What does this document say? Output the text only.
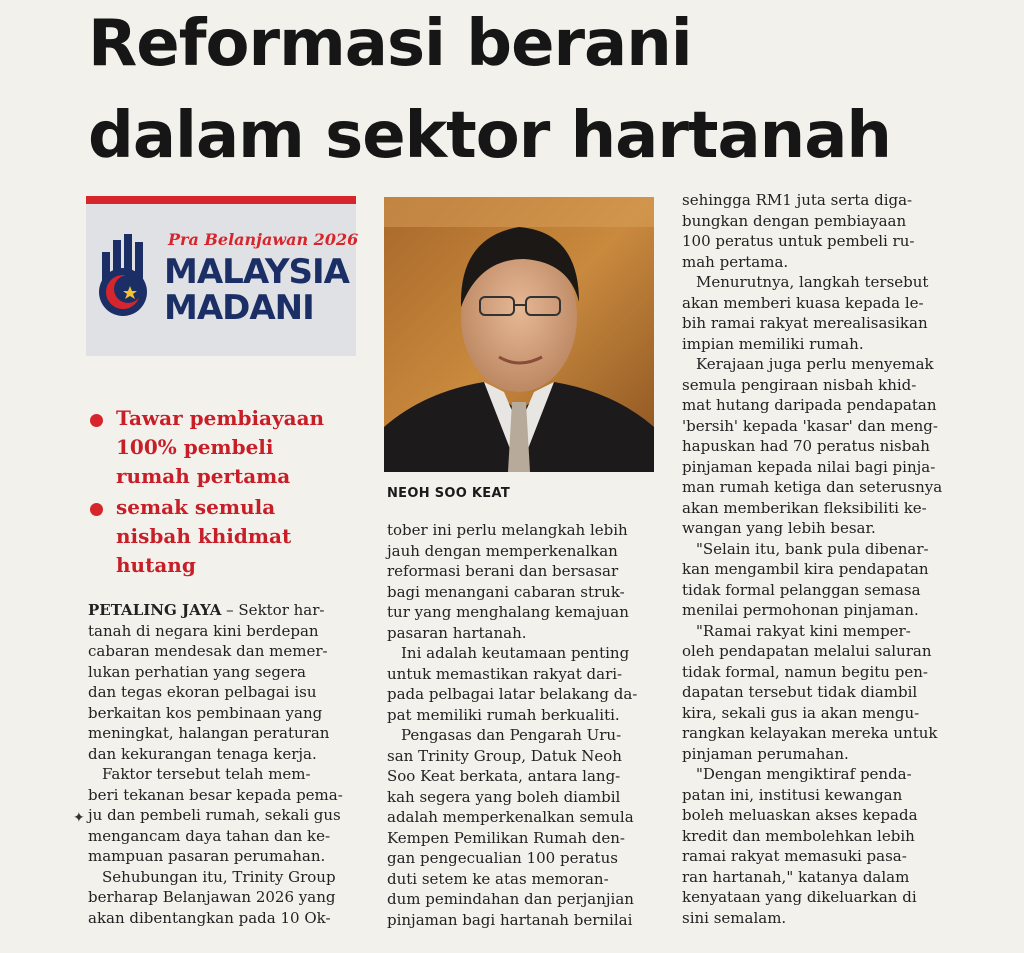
Reformasi berani
dalam sektor hartanah
Pra Belanjawan 2026
MALAYSIA
MADANI
Tawar pembiayaan
100% pembeli
rumah pertama
semak semula
nisbah khidmat
hutang
NEOH SOO KEAT

PETALING JAYA – Sektor har-

tanah di negara kini berdepan

cabaran mendesak dan memer-

lukan perhatian yang segera

dan tegas ekoran pelbagai isu

berkaitan kos pembinaan yang

meningkat, halangan peraturan

dan kekurangan tenaga kerja.

Faktor tersebut telah mem-

beri tekanan besar kepada pema-

ju dan pembeli rumah, sekali gus

mengancam daya tahan dan ke-

mampuan pasaran perumahan.

Sehubungan itu, Trinity Group

berharap Belanjawan 2026 yang

akan dibentangkan pada 10 Ok-

tober ini perlu melangkah lebih

jauh dengan memperkenalkan

reformasi berani dan bersasar

bagi menangani cabaran struk-

tur yang menghalang kemajuan

pasaran hartanah.

Ini adalah keutamaan penting

untuk memastikan rakyat dari-

pada pelbagai latar belakang da-

pat memiliki rumah berkualiti.

Pengasas dan Pengarah Uru-

san Trinity Group, Datuk Neoh

Soo Keat berkata, antara lang-

kah segera yang boleh diambil

adalah memperkenalkan semula

Kempen Pemilikan Rumah den-

gan pengecualian 100 peratus

duti setem ke atas memoran-

dum pemindahan dan perjanjian

pinjaman bagi hartanah bernilai

sehingga RM1 juta serta diga-

bungkan dengan pembiayaan

100 peratus untuk pembeli ru-

mah pertama.

Menurutnya, langkah tersebut

akan memberi kuasa kepada le-

bih ramai rakyat merealisasikan

impian memiliki rumah.

Kerajaan juga perlu menyemak

semula pengiraan nisbah khid-

mat hutang daripada pendapatan

'bersih' kepada 'kasar' dan meng-

hapuskan had 70 peratus nisbah

pinjaman kepada nilai bagi pinja-

man rumah ketiga dan seterusnya

akan memberikan fleksibiliti ke-

wangan yang lebih besar.

"Selain itu, bank pula dibenar-

kan mengambil kira pendapatan

tidak formal pelanggan semasa

menilai permohonan pinjaman.

"Ramai rakyat kini memper-

oleh pendapatan melalui saluran

tidak formal, namun begitu pen-

dapatan tersebut tidak diambil

kira, sekali gus ia akan mengu-

rangkan kelayakan mereka untuk

pinjaman perumahan.

"Dengan mengiktiraf penda-

patan ini, institusi kewangan

boleh meluaskan akses kepada

kredit dan membolehkan lebih

ramai rakyat memasuki pasa-

ran hartanah," katanya dalam

kenyataan yang dikeluarkan di

sini semalam.

✦
